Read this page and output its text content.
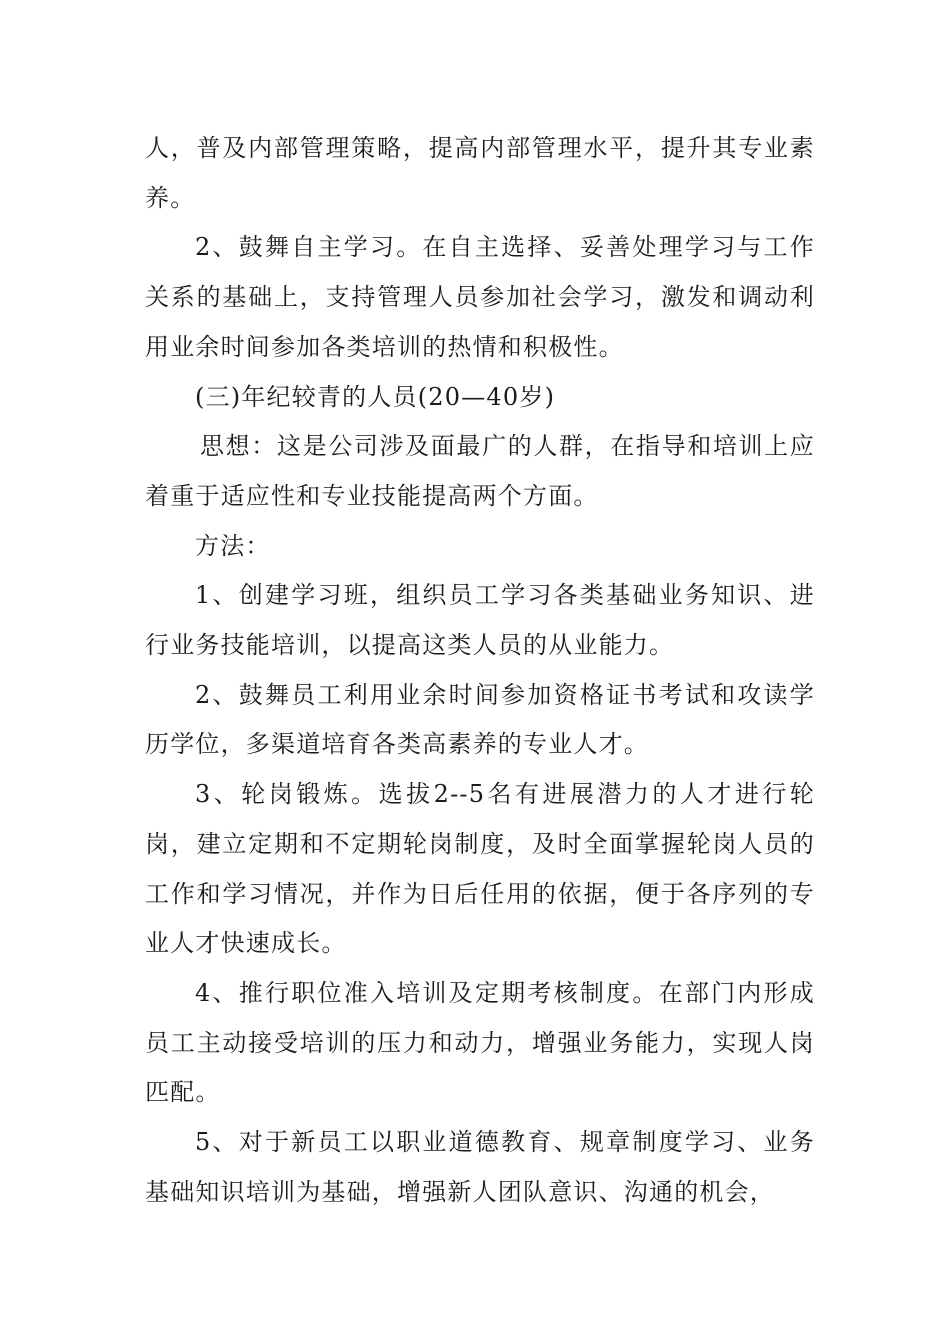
人，普及内部管理策略，提高内部管理水平，提升其专业素养。

2、鼓舞自主学习。在自主选择、妥善处理学习与工作关系的基础上，支持管理人员参加社会学习，激发和调动利用业余时间参加各类培训的热情和积极性。

(三)年纪较青的人员(20—40岁)

思想：这是公司涉及面最广的人群，在指导和培训上应着重于适应性和专业技能提高两个方面。

方法：

1、创建学习班，组织员工学习各类基础业务知识、进行业务技能培训，以提高这类人员的从业能力。

2、鼓舞员工利用业余时间参加资格证书考试和攻读学历学位，多渠道培育各类高素养的专业人才。

3、轮岗锻炼。选拔2--5名有进展潜力的人才进行轮岗，建立定期和不定期轮岗制度，及时全面掌握轮岗人员的工作和学习情况，并作为日后任用的依据，便于各序列的专业人才快速成长。

4、推行职位准入培训及定期考核制度。在部门内形成员工主动接受培训的压力和动力，增强业务能力，实现人岗匹配。

5、对于新员工以职业道德教育、规章制度学习、业务基础知识培训为基础，增强新人团队意识、沟通的机会，
